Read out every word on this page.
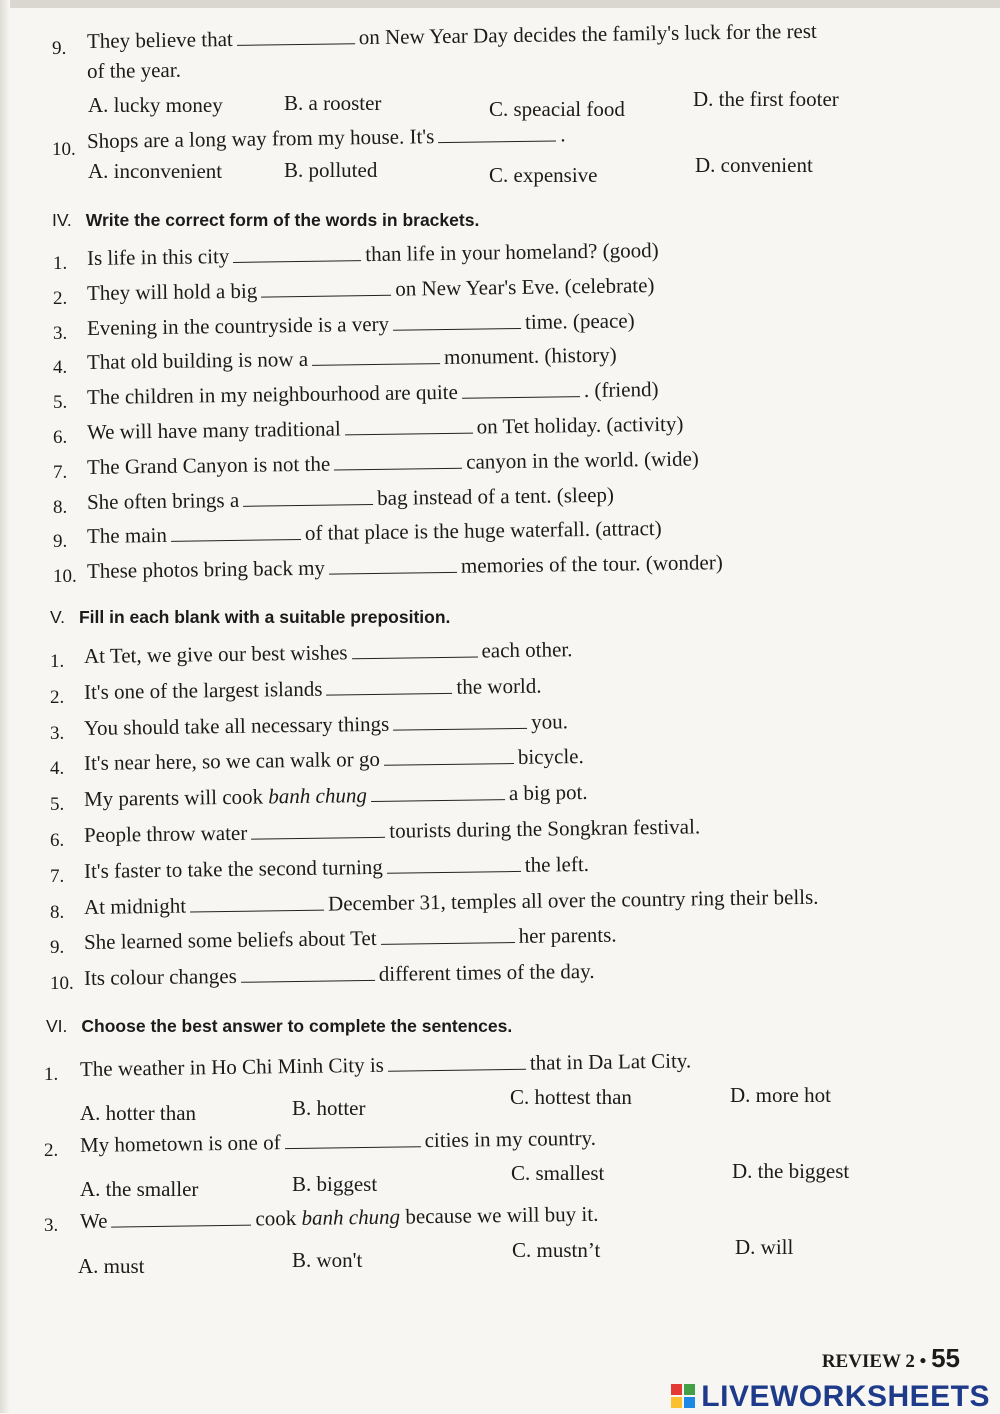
9. They believe that	on New Year Day decides the family's luck for the rest
of the year.
A. lucky money	B. a rooster	C. speacial food	D. the first footer
10. Shops are a long way from my house. It's	.
A. inconvenient	B. polluted	C. expensive	D. convenient
IV. Write the correct form of the words in brackets.
1. Is life in this city	than life in your homeland? (good)
2. They will hold a big	on New Year's Eve. (celebrate)
3. Evening in the countryside is a very	time. (peace)
4. That old building is now a	monument. (history)
5. The children in my neighbourhood are quite	. (friend)
6. We will have many traditional	on Tet holiday. (activity)
7. The Grand Canyon is not the	canyon in the world. (wide)
8. She often brings a	bag instead of a tent. (sleep)
9. The main	of that place is the huge waterfall. (attract)
10. These photos bring back my	memories of the tour. (wonder)
V. Fill in each blank with a suitable preposition.
1. At Tet, we give our best wishes	each other.
2. It's one of the largest islands	the world.
3. You should take all necessary things	you.
4. It's near here, so we can walk or go	bicycle.
5. My parents will cook banh chung	a big pot.
6. People throw water	tourists during the Songkran festival.
7. It's faster to take the second turning	the left.
8. At midnight	December 31, temples all over the country ring their bells.
9. She learned some beliefs about Tet	her parents.
10. Its colour changes	different times of the day.
VI. Choose the best answer to complete the sentences.
1. The weather in Ho Chi Minh City is	that in Da Lat City.
A. hotter than	B. hotter	C. hottest than	D. more hot
2. My hometown is one of	cities in my country.
A. the smaller	B. biggest	C. smallest	D. the biggest
3. We	cook banh chung because we will buy it.
A. must	B. won't	C. mustn’t	D. will
REVIEW 2 • 55
LIVEWORKSHEETS
